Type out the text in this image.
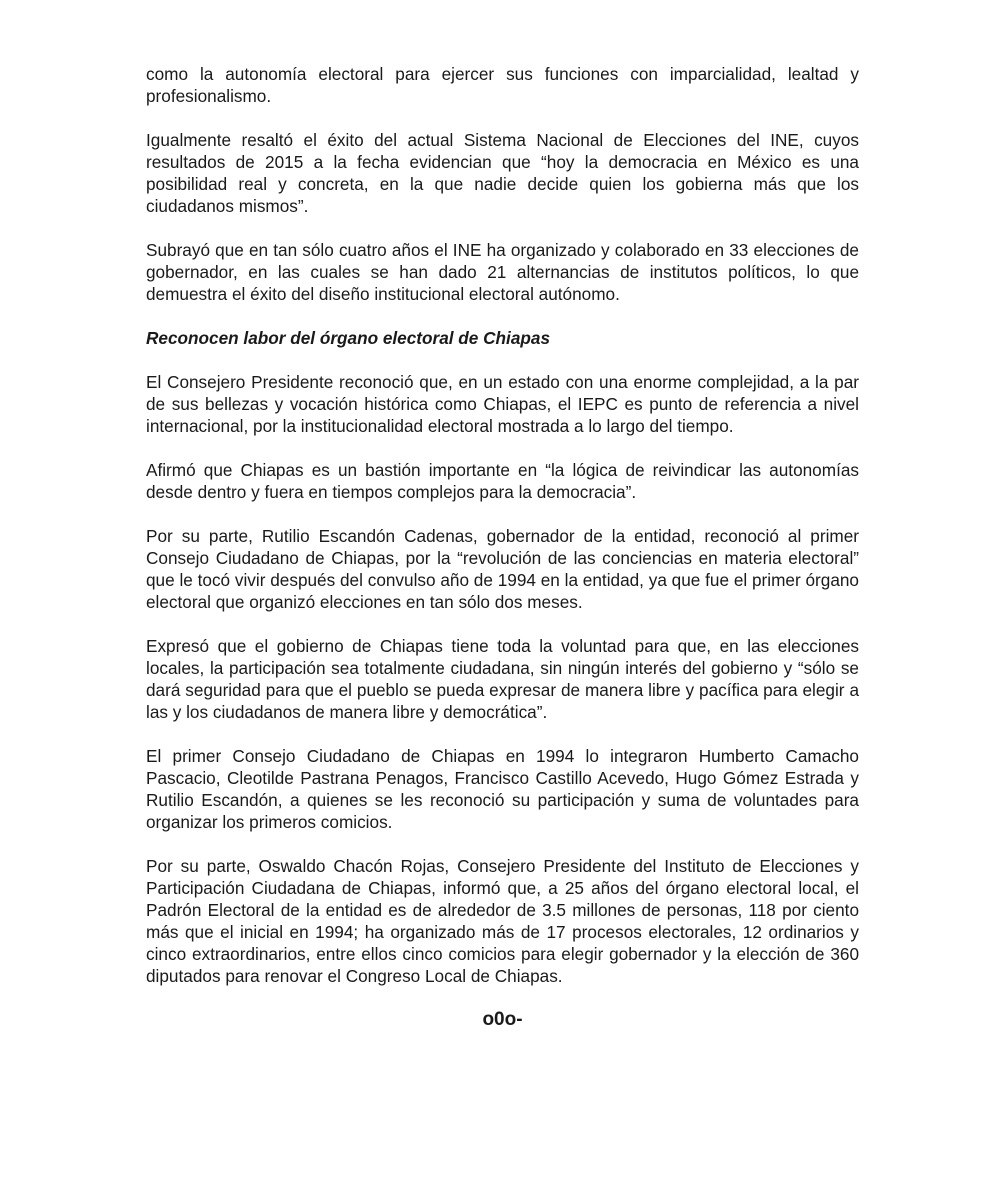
como la autonomía electoral para ejercer sus funciones con imparcialidad, lealtad y profesionalismo.

Igualmente resaltó el éxito del actual Sistema Nacional de Elecciones del INE, cuyos resultados de 2015 a la fecha evidencian que “hoy la democracia en México es una posibilidad real y concreta, en la que nadie decide quien los gobierna más que los ciudadanos mismos”.

Subrayó que en tan sólo cuatro años el INE ha organizado y colaborado en 33 elecciones de gobernador, en las cuales se han dado 21 alternancias de institutos políticos, lo que demuestra el éxito del diseño institucional electoral autónomo.

Reconocen labor del órgano electoral de Chiapas

El Consejero Presidente reconoció que, en un estado con una enorme complejidad, a la par de sus bellezas y vocación histórica como Chiapas, el IEPC es punto de referencia a nivel internacional, por la institucionalidad electoral mostrada a lo largo del tiempo.

Afirmó que Chiapas es un bastión importante en “la lógica de reivindicar las autonomías desde dentro y fuera en tiempos complejos para la democracia”.

Por su parte, Rutilio Escandón Cadenas, gobernador de la entidad, reconoció al primer Consejo Ciudadano de Chiapas, por la “revolución de las conciencias en materia electoral” que le tocó vivir después del convulso año de 1994 en la entidad, ya que fue el primer órgano electoral que organizó elecciones en tan sólo dos meses.

Expresó que el gobierno de Chiapas tiene toda la voluntad para que, en las elecciones locales, la participación sea totalmente ciudadana, sin ningún interés del gobierno y “sólo se dará seguridad para que el pueblo se pueda expresar de manera libre y pacífica para elegir a las y los ciudadanos de manera libre y democrática”.

El primer Consejo Ciudadano de Chiapas en 1994 lo integraron Humberto Camacho Pascacio, Cleotilde Pastrana Penagos, Francisco Castillo Acevedo, Hugo Gómez Estrada y Rutilio Escandón, a quienes se les reconoció su participación y suma de voluntades para organizar los primeros comicios.

Por su parte, Oswaldo Chacón Rojas, Consejero Presidente del Instituto de Elecciones y Participación Ciudadana de Chiapas, informó que, a 25 años del órgano electoral local, el Padrón Electoral de la entidad es de alrededor de 3.5 millones de personas, 118 por ciento más que el inicial en 1994; ha organizado más de 17 procesos electorales, 12 ordinarios y cinco extraordinarios, entre ellos cinco comicios para elegir gobernador y la elección de 360 diputados para renovar el Congreso Local de Chiapas.

o0o-
